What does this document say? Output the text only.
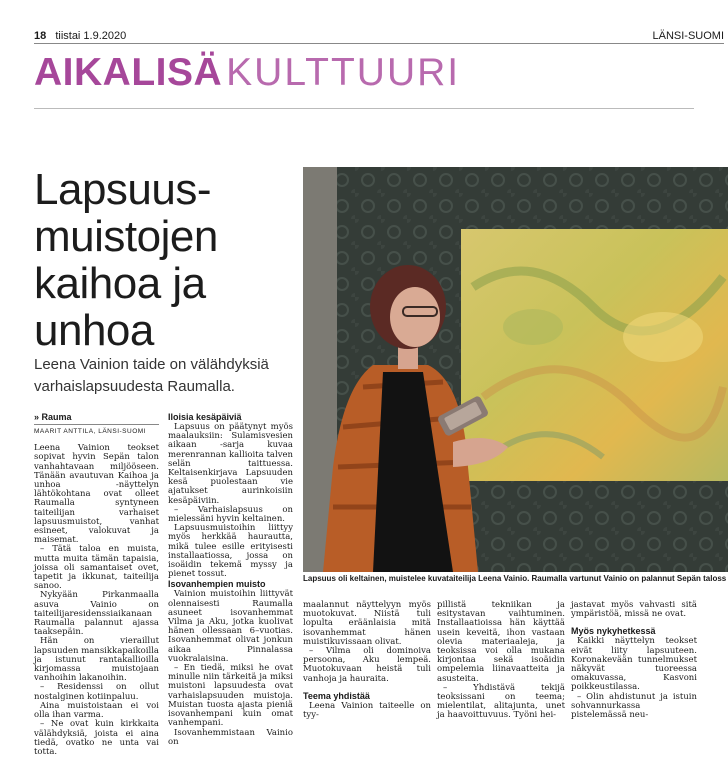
18 tiistai 1.9.2020	LÄNSI-SUOMI
AIKALISÄ KULTTUURI
Lapsuus-muistojen kaihoa ja unhoa

Leena Vainion taide on välähdyksiä varhaislapsuudesta Raumalla.

» Rauma
MAARIT ANTTILA, LÄNSI-SUOMI

Leena Vainion teokset sopivat hyvin Sepän talon vanhahtavaan miljööseen. Tänään avautuvan Kaihoa ja unhoa -näyttelyn lähtökohtana ovat olleet Raumalla syntyneen taiteilijan varhaiset lapsuusmuistot, vanhat esineet, valokuvat ja maisemat.

– Tätä taloa en muista, mutta muita tämän tapaisia, joissa oli samantaiset ovet, tapetit ja ikkunat, taiteilija sanoo.

Nykyään Pirkanmaalla asuva Vainio on taiteilijaresidenssiaikanaan Raumalla palannut ajassa taaksepäin.

Hän on vieraillut lapsuuden mansikkapaikoilla ja istunut rantakallioilla kirjomassa muistojaan vanhoihin lakanoihin.

– Residenssi on ollut nostalginen kotiinpaluu.

Aina muistoistaan ei voi olla ihan varma.

– Ne ovat kuin kirkkaita välähdyksiä, joista ei aina tiedä, ovatko ne unta vai totta.

Iloisia kesäpäiviä

Lapsuus on päätynyt myös maalauksiin: Sulamisvesien aikaan -sarja kuvaa merenrannan kallioita talven selän taittuessa. Keltaisenkirjava Lapsuuden kesä puolestaan vie ajatukset aurinkoisiin kesäpäiviin.

– Varhaislapsuus on mielessäni hyvin keltainen.

Lapsuusmuistoihin liittyy myös herkkää haurautta, mikä tulee esille erityisesti installaatiossa, jossa on isoäidin tekemä myssy ja pienet tossut.

Isovanhempien muisto

Vainion muistoihin liittyvät olennaisesti Raumalla asuneet isovanhemmat Vilma ja Aku, jotka kuolivat hänen ollessaan 6–vuotias. Isovanhemmat olivat jonkun aikaa Pinnalassa vuokralaisina.

– En tiedä, miksi he ovat minulle niin tärkeitä ja miksi muistoni lapsuudesta ovat varhaislapsuuden muistoja. Muistan tuosta ajasta pieniä isovanhempani kuin omat vanhempani.

Isovanhemmistaan Vainio on

Lapsuus oli keltainen, muistelee kuvataiteilija Leena Vainio. Raumalla vartunut Vainio on palannut Sepän taloss

maalannut näyttelyyn myös muotokuvat. Niistä tuli lopulta eräänlaisia mitä isovanhemmat hänen muistikuvissaan olivat.

– Vilma oli dominoiva persoona, Aku lempeä. Muotokuvaan heistä tuli vanhoja ja hauraita.

Teema yhdistää

Leena Vainion taiteelle on tyy-

pillistä tekniikan ja esitystavan vaihtuminen. Installaatioissa hän käyttää usein keveitä, ihon vastaan olevia materiaaleja, ja teoksissa voi olla mukana kirjontaa sekä isoäidin ompelemia liinavaatteita ja asusteita.

– Yhdistävä tekijä teoksissani on teema; mielentilat, alitajunta, unet ja haavoittuvuus. Työni hei-

jastavat myös vahvasti sitä ympäristöä, missä ne ovat.

Myös nykyhetkessä

Kaikki näyttelyn teokset eivät liity lapsuuteen. Koronakevään tunnelmukset näkyvät tuoreessa omakuvassa, Kasvoni poikkeustilassa.

– Olin ahdistunut ja istuin sohvannurkassa pistelemässä neu-
